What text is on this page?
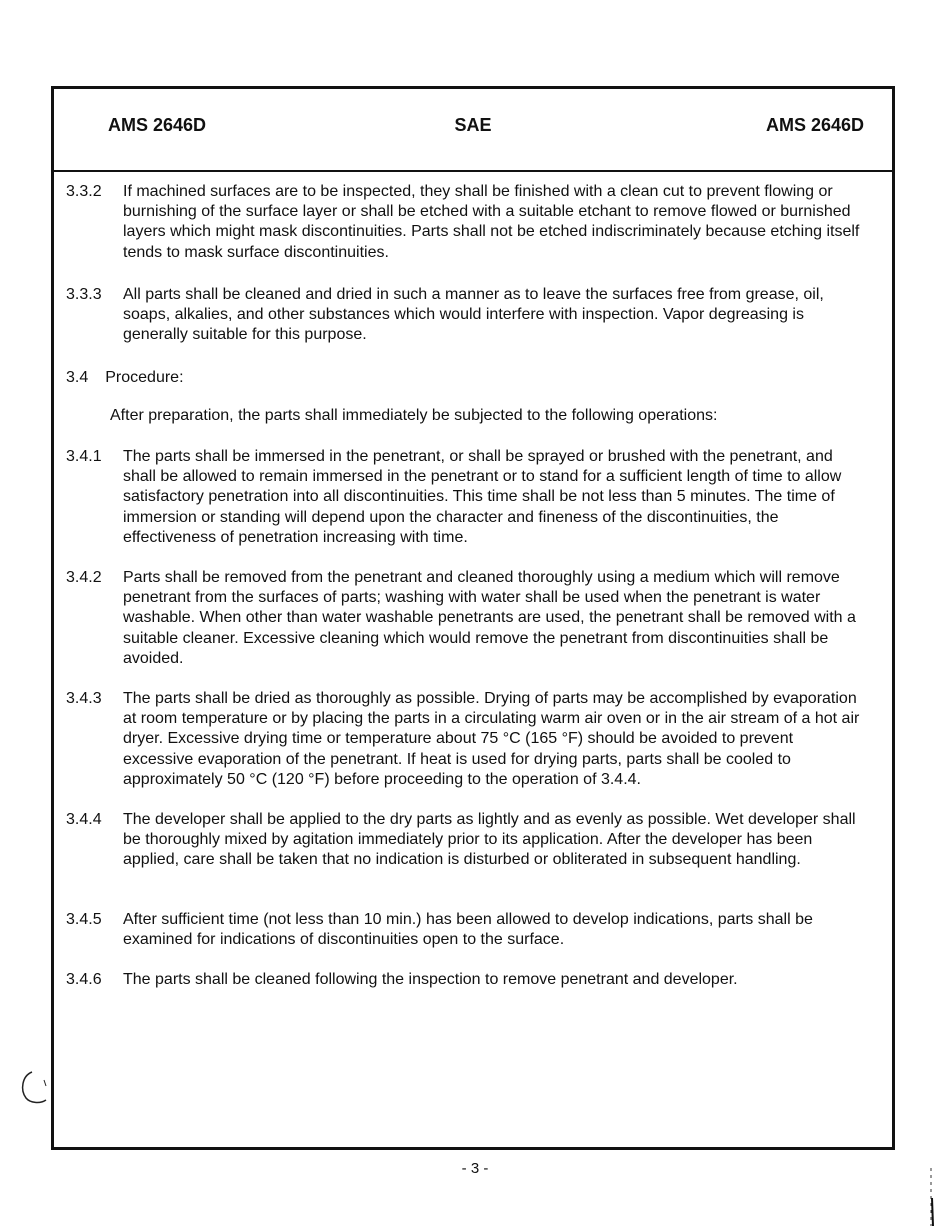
AMS 2646D	SAE	AMS 2646D
3.3.2 If machined surfaces are to be inspected, they shall be finished with a clean cut to prevent flowing or burnishing of the surface layer or shall be etched with a suitable etchant to remove flowed or burnished layers which might mask discontinuities. Parts shall not be etched indiscriminately because etching itself tends to mask surface discontinuities.
3.3.3 All parts shall be cleaned and dried in such a manner as to leave the surfaces free from grease, oil, soaps, alkalies, and other substances which would interfere with inspection. Vapor degreasing is generally suitable for this purpose.
3.4 Procedure:
After preparation, the parts shall immediately be subjected to the following operations:
3.4.1 The parts shall be immersed in the penetrant, or shall be sprayed or brushed with the penetrant, and shall be allowed to remain immersed in the penetrant or to stand for a sufficient length of time to allow satisfactory penetration into all discontinuities. This time shall be not less than 5 minutes. The time of immersion or standing will depend upon the character and fineness of the discontinuities, the effectiveness of penetration increasing with time.
3.4.2 Parts shall be removed from the penetrant and cleaned thoroughly using a medium which will remove penetrant from the surfaces of parts; washing with water shall be used when the penetrant is water washable. When other than water washable penetrants are used, the penetrant shall be removed with a suitable cleaner. Excessive cleaning which would remove the penetrant from discontinuities shall be avoided.
3.4.3 The parts shall be dried as thoroughly as possible. Drying of parts may be accomplished by evaporation at room temperature or by placing the parts in a circulating warm air oven or in the air stream of a hot air dryer. Excessive drying time or temperature about 75 °C (165 °F) should be avoided to prevent excessive evaporation of the penetrant. If heat is used for drying parts, parts shall be cooled to approximately 50 °C (120 °F) before proceeding to the operation of 3.4.4.
3.4.4 The developer shall be applied to the dry parts as lightly and as evenly as possible. Wet developer shall be thoroughly mixed by agitation immediately prior to its application. After the developer has been applied, care shall be taken that no indication is disturbed or obliterated in subsequent handling.
3.4.5 After sufficient time (not less than 10 min.) has been allowed to develop indications, parts shall be examined for indications of discontinuities open to the surface.
3.4.6 The parts shall be cleaned following the inspection to remove penetrant and developer.
- 3 -
